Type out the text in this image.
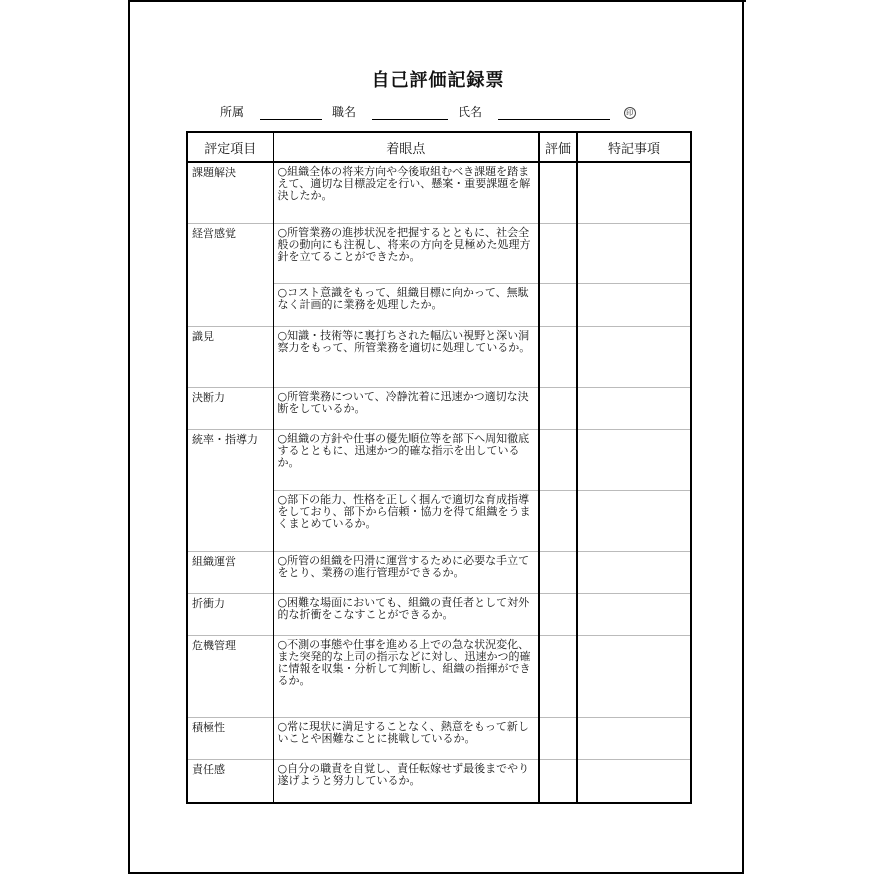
自己評価記録票
所属	職名	氏名	印
評定項目	着眼点	評価	特記事項
課題解決	○組織全体の将来方向や今後取組むべき課題を踏まえて、適切な目標設定を行い、懸案・重要課題を解決したか。		
経営感覚	○所管業務の進捗状況を把握するとともに、社会全般の動向にも注視し、将来の方向を見極めた処理方針を立てることができたか。		
	○コスト意識をもって、組織目標に向かって、無駄なく計画的に業務を処理したか。		
識見	○知識・技術等に裏打ちされた幅広い視野と深い洞察力をもって、所管業務を適切に処理しているか。		
決断力	○所管業務について、冷静沈着に迅速かつ適切な決断をしているか。		
統率・指導力	○組織の方針や仕事の優先順位等を部下へ周知徹底するとともに、迅速かつ的確な指示を出しているか。		
	○部下の能力、性格を正しく掴んで適切な育成指導をしており、部下から信頼・協力を得て組織をうまくまとめているか。		
組織運営	○所管の組織を円滑に運営するために必要な手立てをとり、業務の進行管理ができるか。		
折衝力	○困難な場面においても、組織の責任者として対外的な折衝をこなすことができるか。		
危機管理	○不測の事態や仕事を進める上での急な状況変化、また突発的な上司の指示などに対し、迅速かつ的確に情報を収集・分析して判断し、組織の指揮ができるか。		
積極性	○常に現状に満足することなく、熱意をもって新しいことや困難なことに挑戦しているか。		
責任感	○自分の職責を自覚し、責任転嫁せず最後までやり遂げようと努力しているか。		
